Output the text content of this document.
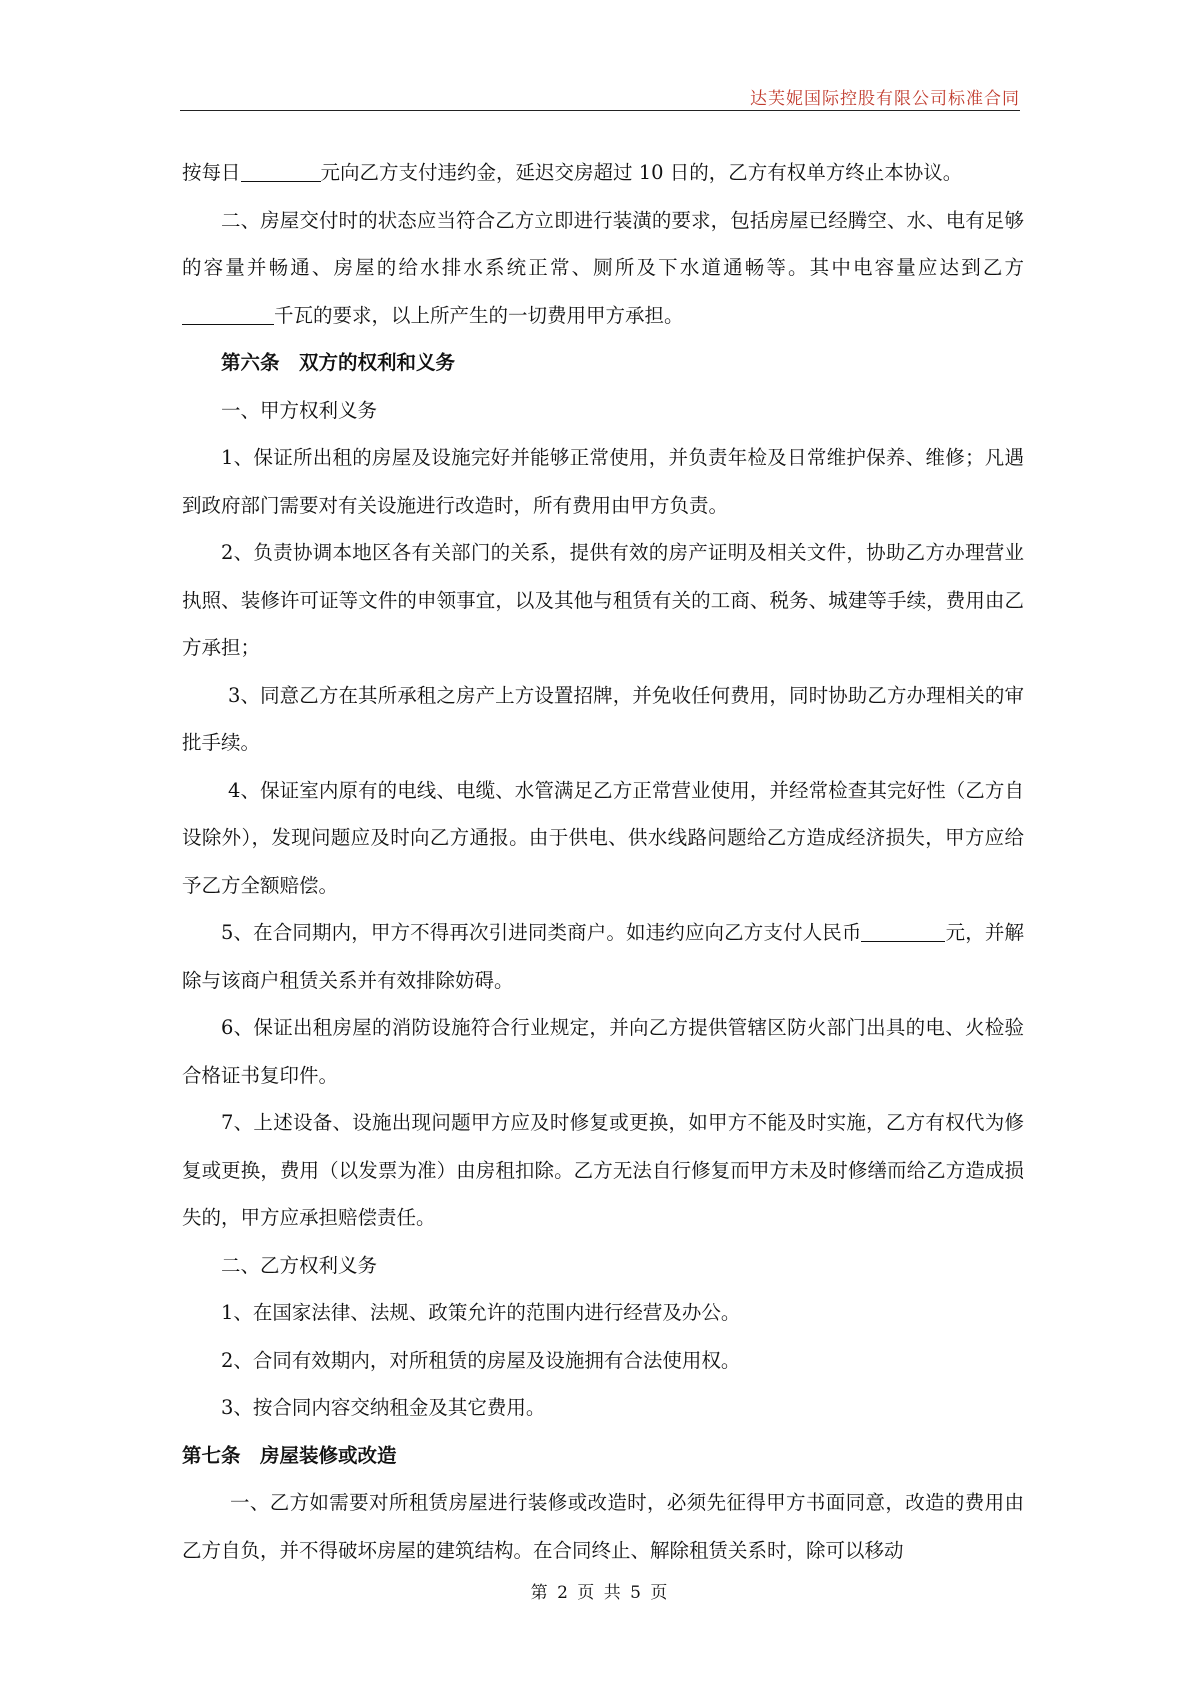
达芙妮国际控股有限公司标准合同

按每日	元向乙方支付违约金，延迟交房超过 10 日的，乙方有权单方终止本协议。

二、房屋交付时的状态应当符合乙方立即进行装潢的要求，包括房屋已经腾空、水、电有足够的容量并畅通、房屋的给水排水系统正常、厕所及下水道通畅等。其中电容量应达到乙方千瓦的要求，以上所产生的一切费用甲方承担。

第六条　双方的权利和义务

一、甲方权利义务

1、保证所出租的房屋及设施完好并能够正常使用，并负责年检及日常维护保养、维修；凡遇到政府部门需要对有关设施进行改造时，所有费用由甲方负责。

2、负责协调本地区各有关部门的关系，提供有效的房产证明及相关文件，协助乙方办理营业执照、装修许可证等文件的申领事宜，以及其他与租赁有关的工商、税务、城建等手续，费用由乙方承担；

3、同意乙方在其所承租之房产上方设置招牌，并免收任何费用，同时协助乙方办理相关的审批手续。

4、保证室内原有的电线、电缆、水管满足乙方正常营业使用，并经常检查其完好性（乙方自设除外），发现问题应及时向乙方通报。由于供电、供水线路问题给乙方造成经济损失，甲方应给予乙方全额赔偿。

5、在合同期内，甲方不得再次引进同类商户。如违约应向乙方支付人民币	元，并解除与该商户租赁关系并有效排除妨碍。

6、保证出租房屋的消防设施符合行业规定，并向乙方提供管辖区防火部门出具的电、火检验合格证书复印件。

7、上述设备、设施出现问题甲方应及时修复或更换，如甲方不能及时实施，乙方有权代为修复或更换，费用（以发票为准）由房租扣除。乙方无法自行修复而甲方未及时修缮而给乙方造成损失的，甲方应承担赔偿责任。

二、乙方权利义务

1、在国家法律、法规、政策允许的范围内进行经营及办公。

2、合同有效期内，对所租赁的房屋及设施拥有合法使用权。

3、按合同内容交纳租金及其它费用。

第七条　房屋装修或改造

一、乙方如需要对所租赁房屋进行装修或改造时，必须先征得甲方书面同意，改造的费用由乙方自负，并不得破坏房屋的建筑结构。在合同终止、解除租赁关系时，除可以移动

第 2 页 共 5 页
